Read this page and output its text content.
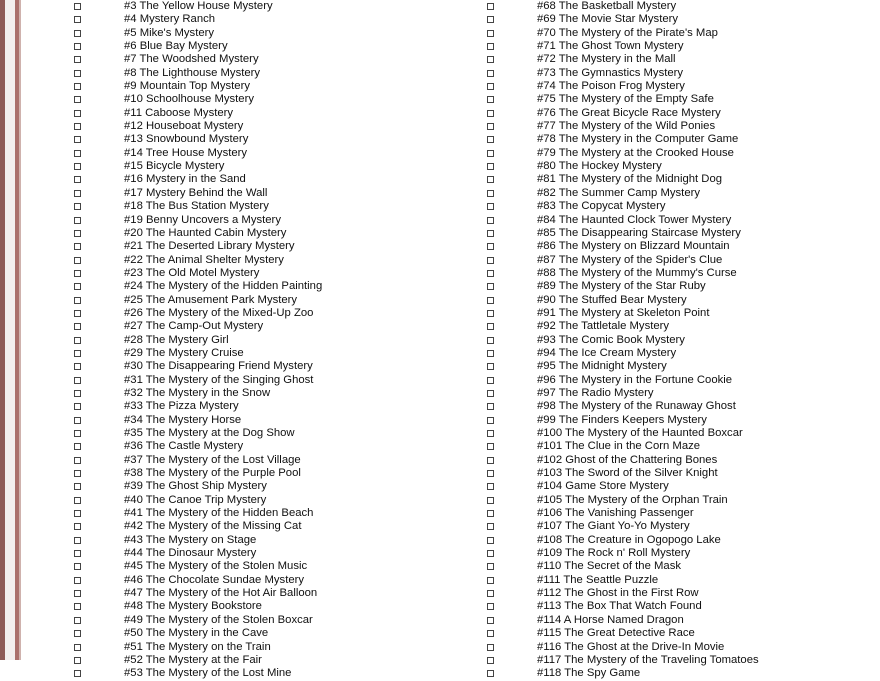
#3 The Yellow House Mystery
#4 Mystery Ranch
#5 Mike's Mystery
#6 Blue Bay Mystery
#7 The Woodshed Mystery
#8 The Lighthouse Mystery
#9 Mountain Top Mystery
#10 Schoolhouse Mystery
#11 Caboose Mystery
#12 Houseboat Mystery
#13 Snowbound Mystery
#14 Tree House Mystery
#15 Bicycle Mystery
#16 Mystery in the Sand
#17 Mystery Behind the Wall
#18 The Bus Station Mystery
#19 Benny Uncovers a Mystery
#20 The Haunted Cabin Mystery
#21 The Deserted Library Mystery
#22 The Animal Shelter Mystery
#23 The Old Motel Mystery
#24 The Mystery of the Hidden Painting
#25 The Amusement Park Mystery
#26 The Mystery of the Mixed-Up Zoo
#27 The Camp-Out Mystery
#28 The Mystery Girl
#29 The Mystery Cruise
#30 The Disappearing Friend Mystery
#31 The Mystery of the Singing Ghost
#32 The Mystery in the Snow
#33 The Pizza Mystery
#34 The Mystery Horse
#35 The Mystery at the Dog Show
#36 The Castle Mystery
#37 The Mystery of the Lost Village
#38 The Mystery of the Purple Pool
#39 The Ghost Ship Mystery
#40 The Canoe Trip Mystery
#41 The Mystery of the Hidden Beach
#42 The Mystery of the Missing Cat
#43 The Mystery on Stage
#44 The Dinosaur Mystery
#45 The Mystery of the Stolen Music
#46 The Chocolate Sundae Mystery
#47 The Mystery of the Hot Air Balloon
#48 The Mystery Bookstore
#49 The Mystery of the Stolen Boxcar
#50 The Mystery in the Cave
#51 The Mystery on the Train
#52 The Mystery at the Fair
#53 The Mystery of the Lost Mine
#68 The Basketball Mystery
#69 The Movie Star Mystery
#70 The Mystery of the Pirate's Map
#71 The Ghost Town Mystery
#72 The Mystery in the Mall
#73 The Gymnastics Mystery
#74 The Poison Frog Mystery
#75 The Mystery of the Empty Safe
#76 The Great Bicycle Race Mystery
#77 The Mystery of the Wild Ponies
#78 The Mystery in the Computer Game
#79 The Mystery at the Crooked House
#80 The Hockey Mystery
#81 The Mystery of the Midnight Dog
#82 The Summer Camp Mystery
#83 The Copycat Mystery
#84 The Haunted Clock Tower Mystery
#85 The Disappearing Staircase Mystery
#86 The Mystery on Blizzard Mountain
#87 The Mystery of the Spider's Clue
#88 The Mystery of the Mummy's Curse
#89 The Mystery of the Star Ruby
#90 The Stuffed Bear Mystery
#91 The Mystery at Skeleton Point
#92 The Tattletale Mystery
#93 The Comic Book Mystery
#94 The Ice Cream Mystery
#95 The Midnight Mystery
#96 The Mystery in the Fortune Cookie
#97 The Radio Mystery
#98 The Mystery of the Runaway Ghost
#99 The Finders Keepers Mystery
#100 The Mystery of the Haunted Boxcar
#101 The Clue in the Corn Maze
#102 Ghost of the Chattering Bones
#103 The Sword of the Silver Knight
#104 Game Store Mystery
#105 The Mystery of the Orphan Train
#106 The Vanishing Passenger
#107 The Giant Yo-Yo Mystery
#108 The Creature in Ogopogo Lake
#109 The Rock n' Roll Mystery
#110 The Secret of the Mask
#111 The Seattle Puzzle
#112 The Ghost in the First Row
#113 The Box That Watch Found
#114 A Horse Named Dragon
#115 The Great Detective Race
#116 The Ghost at the Drive-In Movie
#117 The Mystery of the Traveling Tomatoes
#118 The Spy Game
